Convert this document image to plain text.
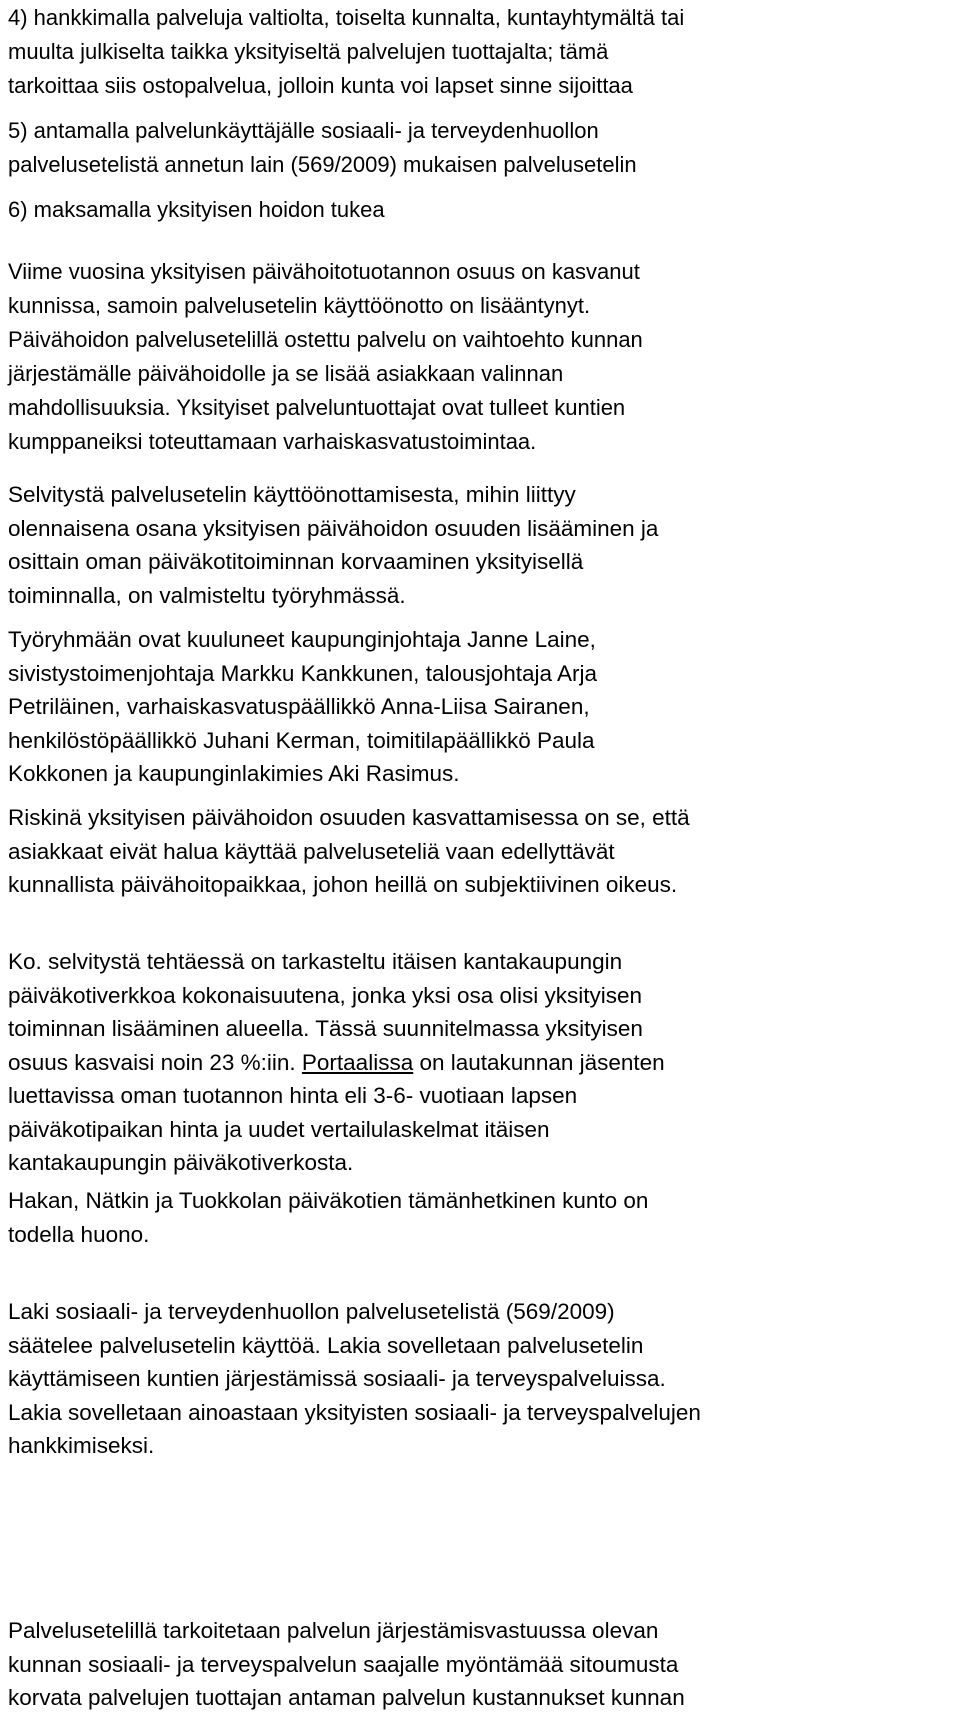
4) hankkimalla palveluja valtiolta, toiselta kunnalta, kuntayhtymältä tai
muulta julkiselta taikka yksityiseltä palvelujen tuottajalta; tämä
tarkoittaa siis ostopalvelua, jolloin kunta voi lapset sinne sijoittaa
5) antamalla palvelunkäyttäjälle sosiaali- ja terveydenhuollon
palvelusetelistä annetun lain (569/2009) mukaisen palvelusetelin
6) maksamalla yksityisen hoidon tukea
Viime vuosina yksityisen päivähoitotuotannon osuus on kasvanut
kunnissa, samoin palvelusetelin käyttöönotto on lisääntynyt.
Päivähoidon palvelusetelillä ostettu palvelu on vaihtoehto kunnan
järjestämälle päivähoidolle ja se lisää asiakkaan valinnan
mahdollisuuksia. Yksityiset palveluntuottajat ovat tulleet kuntien
kumppaneiksi toteuttamaan varhaiskasvatustoimintaa.
Selvitystä palvelusetelin käyttöönottamisesta, mihin liittyy
olennaisena osana yksityisen päivähoidon osuuden lisääminen ja
osittain oman päiväkotitoiminnan korvaaminen yksityisellä
toiminnalla, on valmisteltu työryhmässä.
Työryhmään ovat kuuluneet kaupunginjohtaja Janne Laine,
sivistystoimenjohtaja Markku Kankkunen, talousjohtaja Arja
Petriläinen, varhaiskasvatuspäällikkö Anna-Liisa Sairanen,
henkilöstöpäällikkö Juhani Kerman, toimitilapäällikkö Paula
Kokkonen ja kaupunginlakimies Aki Rasimus.
Riskinä yksityisen päivähoidon osuuden kasvattamisessa on se, että
asiakkaat eivät halua käyttää palveluseteliä vaan edellyttävät
kunnallista päivähoitopaikkaa, johon heillä on subjektiivinen oikeus.
Ko. selvitystä tehtäessä on tarkasteltu itäisen kantakaupungin
päiväkotiverkkoa kokonaisuutena, jonka yksi osa olisi yksityisen
toiminnan lisääminen alueella. Tässä suunnitelmassa yksityisen
osuus kasvaisi noin 23 %:iin. Portaalissa on lautakunnan jäsenten
luettavissa oman tuotannon hinta eli 3-6- vuotiaan lapsen
päiväkotipaikan hinta ja uudet vertailulaskelmat itäisen
kantakaupungin päiväkotiverkosta.
Hakan, Nätkin ja Tuokkolan päiväkotien tämänhetkinen kunto on
todella huono.
Laki sosiaali- ja terveydenhuollon palvelusetelistä (569/2009)
säätelee palvelusetelin käyttöä. Lakia sovelletaan palvelusetelin
käyttämiseen kuntien järjestämissä sosiaali- ja terveyspalveluissa.
Lakia sovelletaan ainoastaan yksityisten sosiaali- ja terveyspalvelujen
hankkimiseksi.
Palvelusetelillä tarkoitetaan palvelun järjestämisvastuussa olevan
kunnan sosiaali- ja terveyspalvelun saajalle myöntämää sitoumusta
korvata palvelujen tuottajan antaman palvelun kustannukset kunnan
